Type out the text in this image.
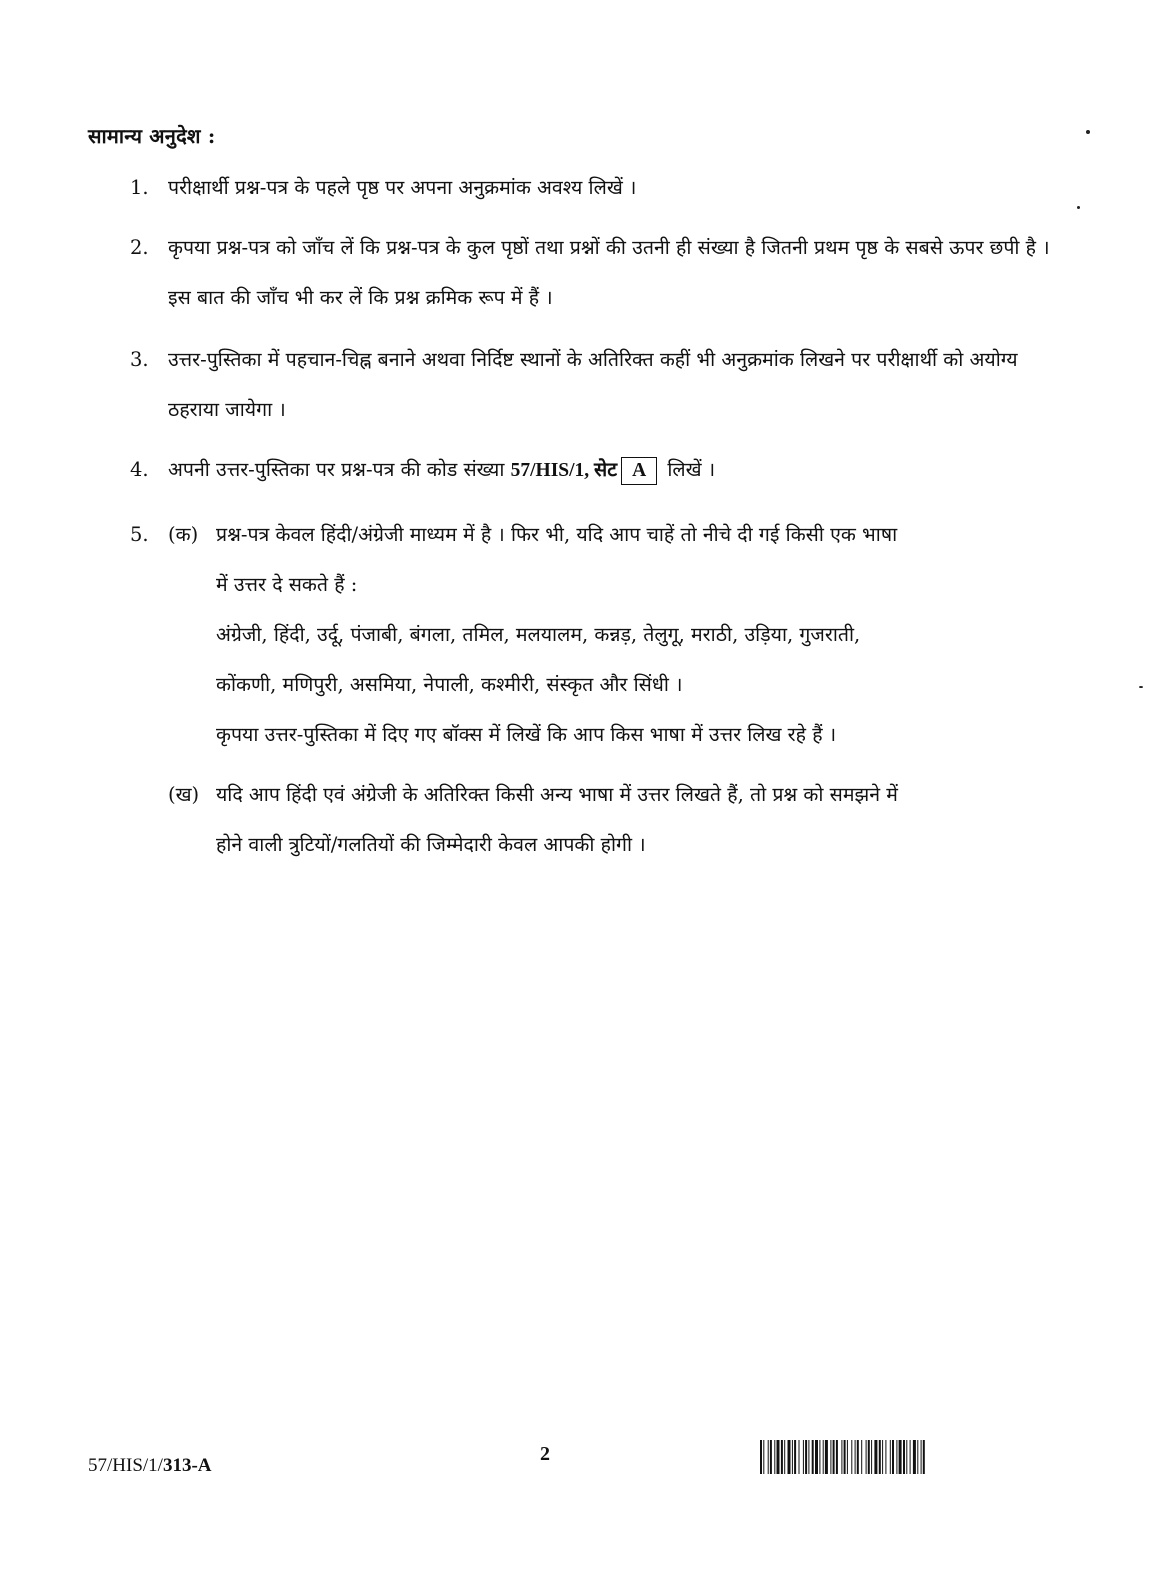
सामान्य अनुदेश :
1. परीक्षार्थी प्रश्न-पत्र के पहले पृष्ठ पर अपना अनुक्रमांक अवश्य लिखें ।
2. कृपया प्रश्न-पत्र को जाँच लें कि प्रश्न-पत्र के कुल पृष्ठों तथा प्रश्नों की उतनी ही संख्या है जितनी प्रथम पृष्ठ के सबसे ऊपर छपी है । इस बात की जाँच भी कर लें कि प्रश्न क्रमिक रूप में हैं ।
3. उत्तर-पुस्तिका में पहचान-चिह्न बनाने अथवा निर्दिष्ट स्थानों के अतिरिक्त कहीं भी अनुक्रमांक लिखने पर परीक्षार्थी को अयोग्य ठहराया जायेगा ।
4. अपनी उत्तर-पुस्तिका पर प्रश्न-पत्र की कोड संख्या 57/HIS/1, सेट A लिखें ।
5. (क) प्रश्न-पत्र केवल हिंदी/अंग्रेजी माध्यम में है । फिर भी, यदि आप चाहें तो नीचे दी गई किसी एक भाषा
में उत्तर दे सकते हैं :
अंग्रेजी, हिंदी, उर्दू, पंजाबी, बंगला, तमिल, मलयालम, कन्नड़, तेलुगू, मराठी, उड़िया, गुजराती,
कोंकणी, मणिपुरी, असमिया, नेपाली, कश्मीरी, संस्कृत और सिंधी ।
कृपया उत्तर-पुस्तिका में दिए गए बॉक्स में लिखें कि आप किस भाषा में उत्तर लिख रहे हैं ।
(ख) यदि आप हिंदी एवं अंग्रेजी के अतिरिक्त किसी अन्य भाषा में उत्तर लिखते हैं, तो प्रश्न को समझने में
होने वाली त्रुटियों/गलतियों की जिम्मेदारी केवल आपकी होगी ।
57/HIS/1/313-A
2
